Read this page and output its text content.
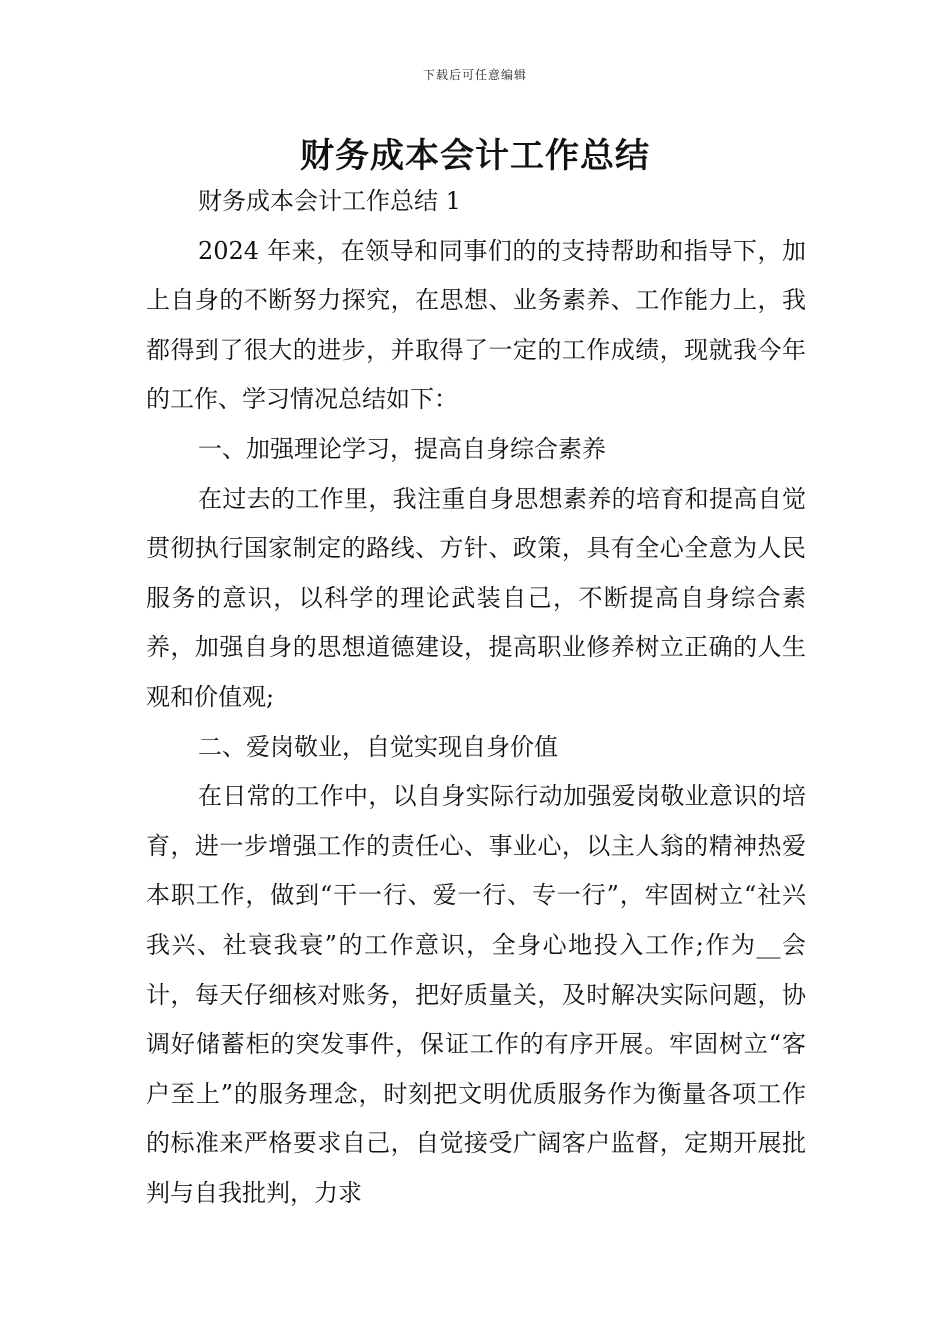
下载后可任意编辑
财务成本会计工作总结

财务成本会计工作总结 1

2024 年来，在领导和同事们的的支持帮助和指导下，加上自身的不断努力探究，在思想、业务素养、工作能力上，我都得到了很大的进步，并取得了一定的工作成绩，现就我今年的工作、学习情况总结如下：

一、加强理论学习，提高自身综合素养

在过去的工作里，我注重自身思想素养的培育和提高自觉贯彻执行国家制定的路线、方针、政策，具有全心全意为人民服务的意识，以科学的理论武装自己，不断提高自身综合素养，加强自身的思想道德建设，提高职业修养树立正确的人生观和价值观;

二、爱岗敬业，自觉实现自身价值

在日常的工作中，以自身实际行动加强爱岗敬业意识的培育，进一步增强工作的责任心、事业心，以主人翁的精神热爱本职工作，做到“干一行、爱一行、专一行”，牢固树立“社兴我兴、社衰我衰”的工作意识，全身心地投入工作;作为__会计，每天仔细核对账务，把好质量关，及时解决实际问题，协调好储蓄柜的突发事件，保证工作的有序开展。牢固树立“客户至上”的服务理念，时刻把文明优质服务作为衡量各项工作的标准来严格要求自己，自觉接受广阔客户监督，定期开展批判与自我批判，力求
